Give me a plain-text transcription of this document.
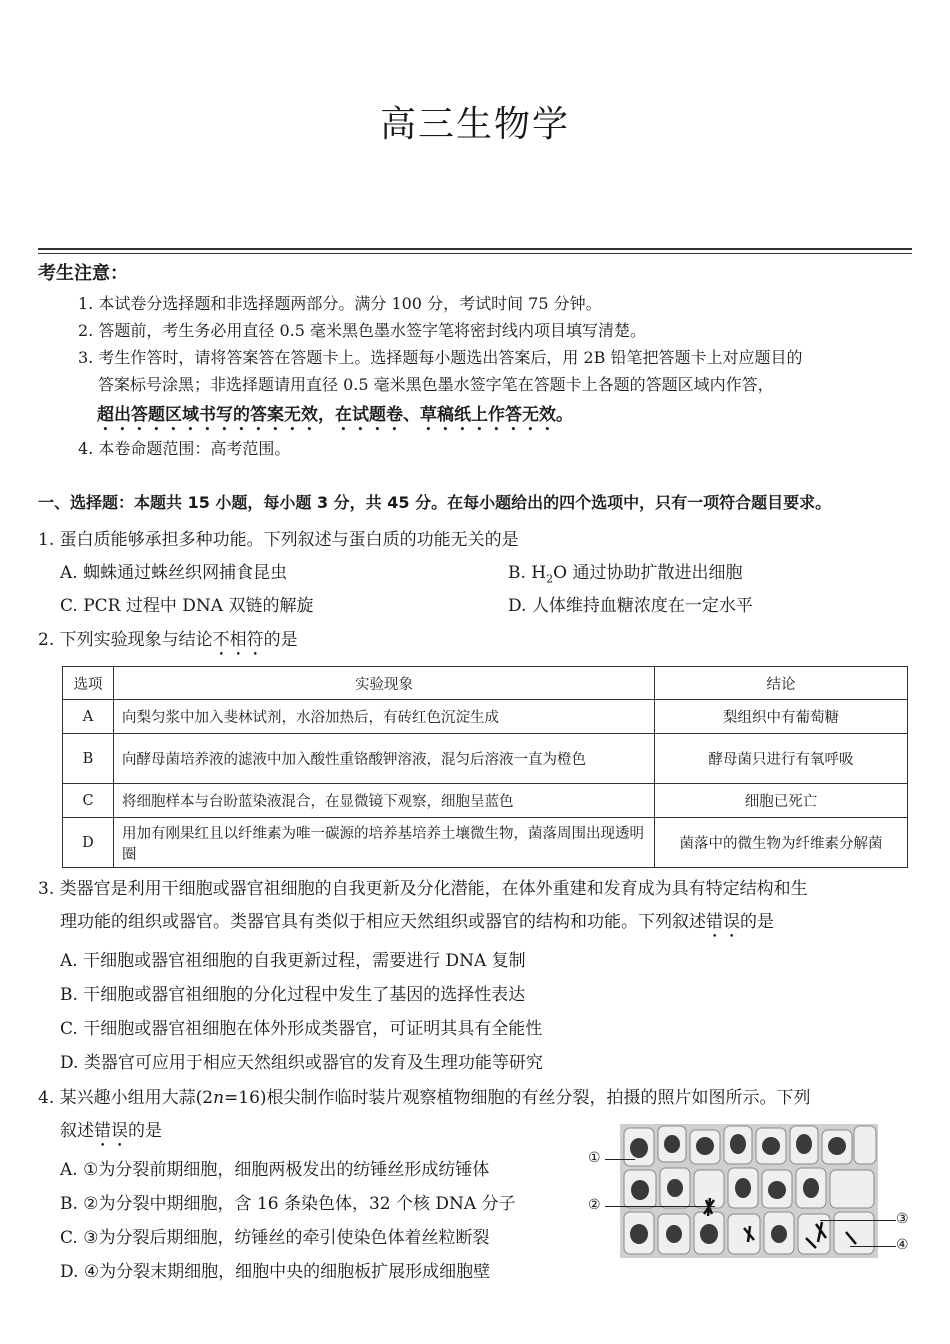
高三生物学
考生注意：
1. 本试卷分选择题和非选择题两部分。满分 100 分，考试时间 75 分钟。
2. 答题前，考生务必用直径 0.5 毫米黑色墨水签字笔将密封线内项目填写清楚。
3. 考生作答时，请将答案答在答题卡上。选择题每小题选出答案后，用 2B 铅笔把答题卡上对应题目的
答案标号涂黑；非选择题请用直径 0.5 毫米黑色墨水签字笔在答题卡上各题的答题区域内作答，
超出答题区域书写的答案无效，在试题卷、草稿纸上作答无效。
4. 本卷命题范围：高考范围。
一、选择题：本题共 15 小题，每小题 3 分，共 45 分。在每小题给出的四个选项中，只有一项符合题目要求。
1. 蛋白质能够承担多种功能。下列叙述与蛋白质的功能无关的是
A. 蜘蛛通过蛛丝织网捕食昆虫	B. $H_2O$ 通过协助扩散进出细胞
C. PCR 过程中 DNA 双链的解旋	D. 人体维持血糖浓度在一定水平
2. 下列实验现象与结论不相符的是
选项	实验现象	结论
A	向梨匀浆中加入斐林试剂，水浴加热后，有砖红色沉淀生成	梨组织中有葡萄糖
B	向酵母菌培养液的滤液中加入酸性重铬酸钾溶液，混匀后溶液一直为橙色	酵母菌只进行有氧呼吸
C	将细胞样本与台盼蓝染液混合，在显微镜下观察，细胞呈蓝色	细胞已死亡
D	用加有刚果红且以纤维素为唯一碳源的培养基培养土壤微生物，菌落周围出现透明圈	菌落中的微生物为纤维素分解菌
3. 类器官是利用干细胞或器官祖细胞的自我更新及分化潜能，在体外重建和发育成为具有特定结构和生
理功能的组织或器官。类器官具有类似于相应天然组织或器官的结构和功能。下列叙述错误的是
A. 干细胞或器官祖细胞的自我更新过程，需要进行 DNA 复制
B. 干细胞或器官祖细胞的分化过程中发生了基因的选择性表达
C. 干细胞或器官祖细胞在体外形成类器官，可证明其具有全能性
D. 类器官可应用于相应天然组织或器官的发育及生理功能等研究
4. 某兴趣小组用大蒜(2n=16)根尖制作临时装片观察植物细胞的有丝分裂，拍摄的照片如图所示。下列
叙述错误的是
A. ①为分裂前期细胞，细胞两极发出的纺锤丝形成纺锤体
B. ②为分裂中期细胞，含 16 条染色体，32 个核 DNA 分子
C. ③为分裂后期细胞，纺锤丝的牵引使染色体着丝粒断裂
D. ④为分裂末期细胞，细胞中央的细胞板扩展形成细胞壁
①
②
③
④
